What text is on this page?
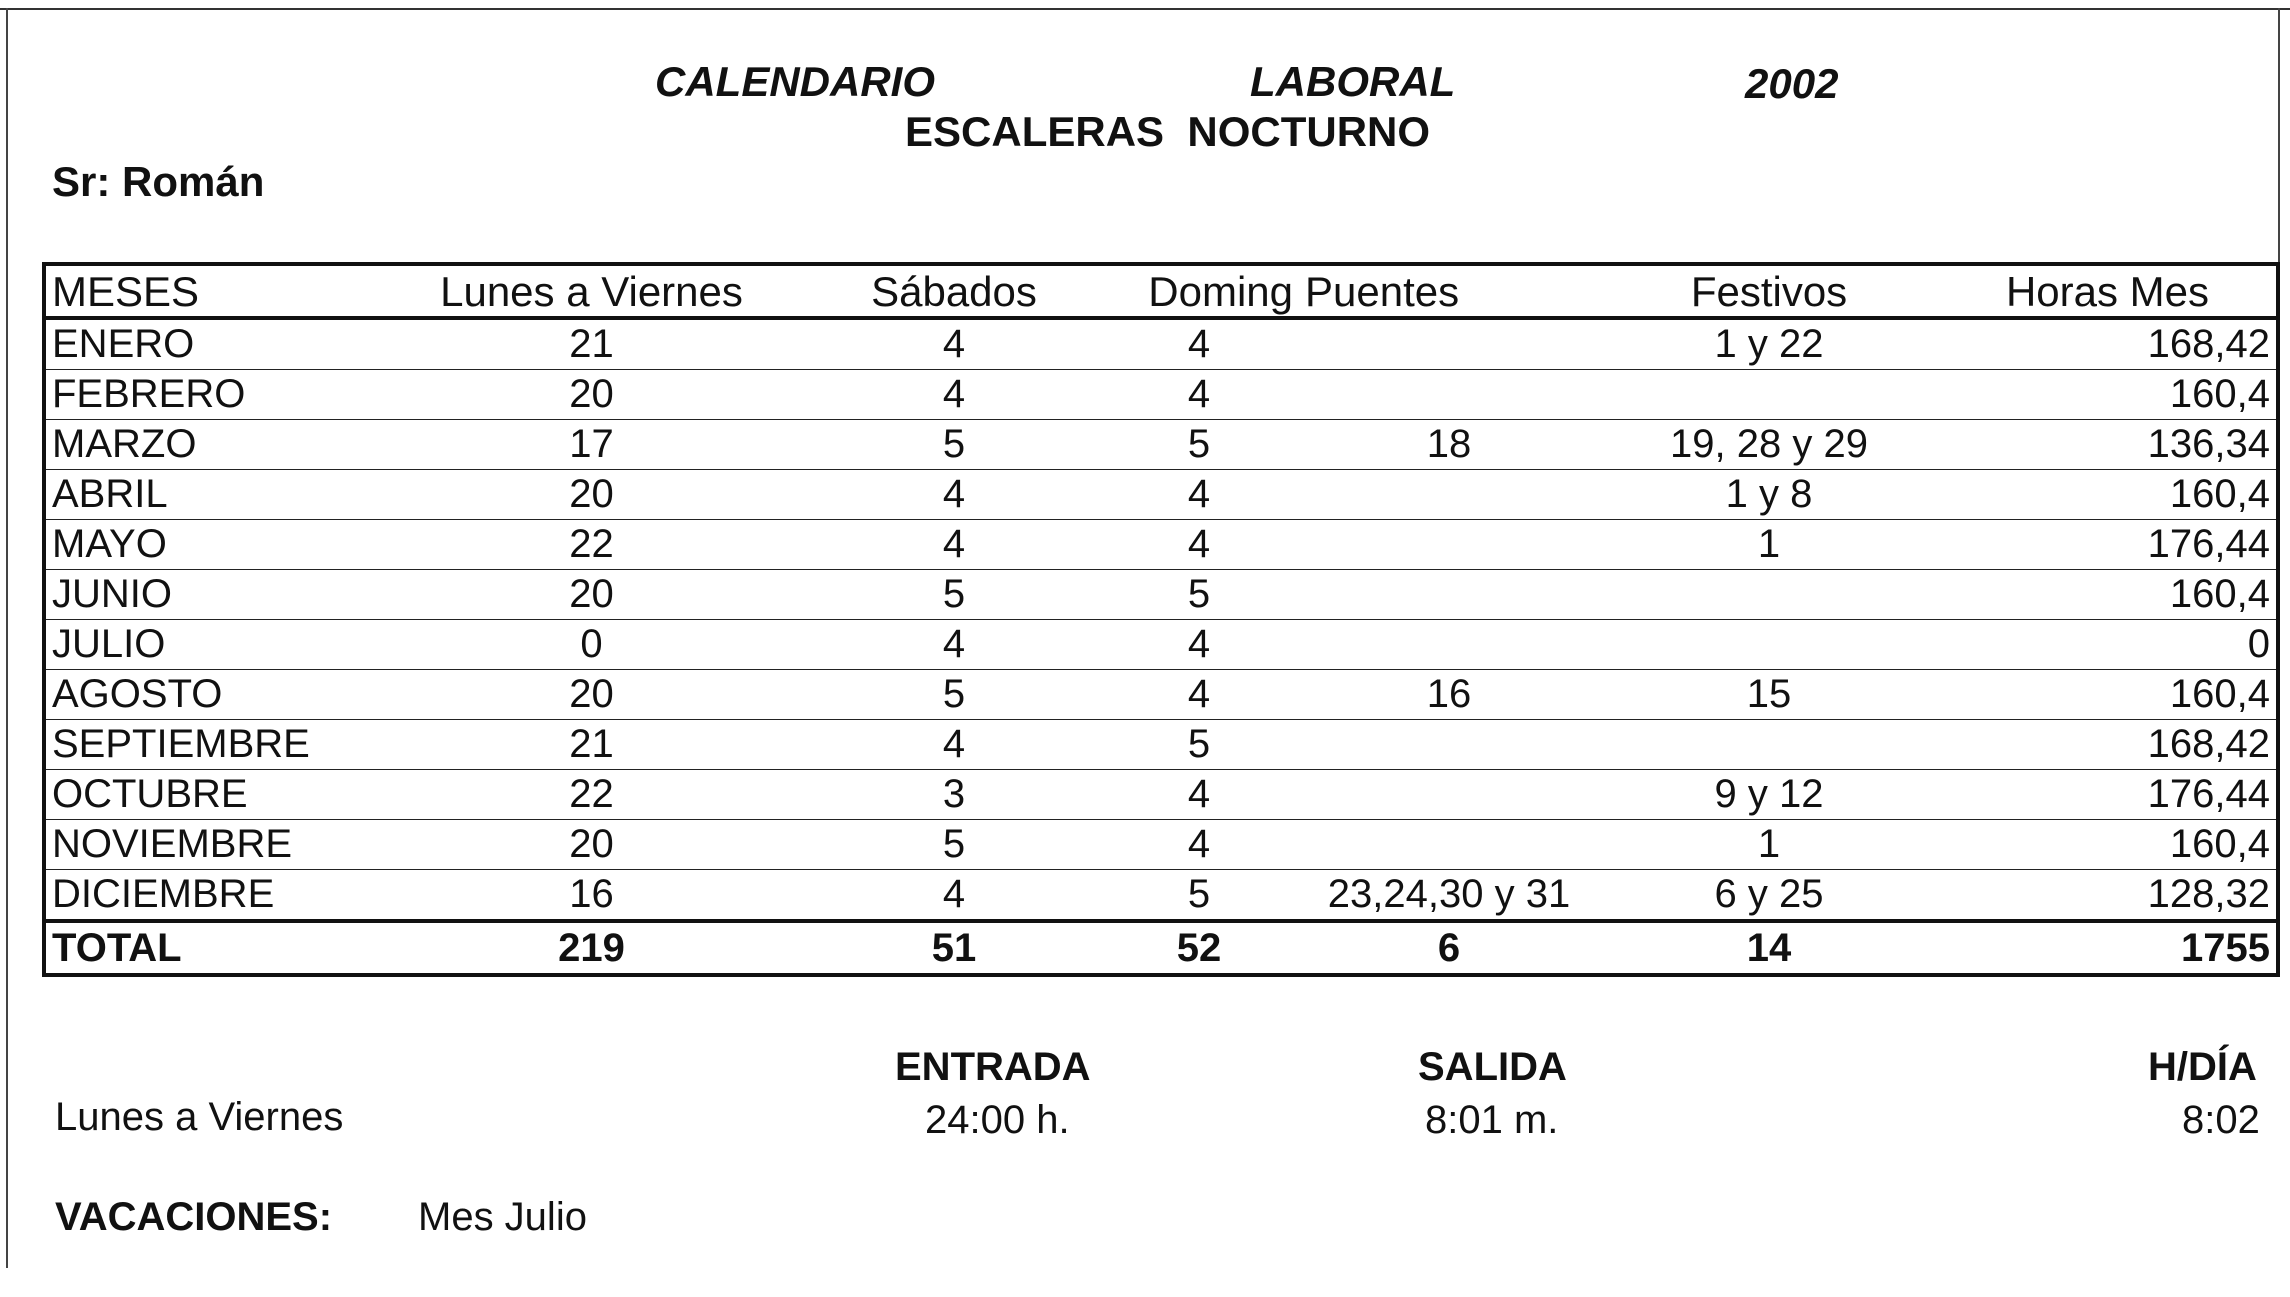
CALENDARIO	LABORAL	2002
ESCALERAS  NOCTURNO
Sr: Román
MESES	Lunes a Viernes	Sábados	Doming	Puentes	Festivos	Horas Mes
ENERO	21	4	4		1 y 22	168,42
FEBRERO	20	4	4			160,4
MARZO	17	5	5	18	19, 28 y 29	136,34
ABRIL	20	4	4		1 y 8	160,4
MAYO	22	4	4		1	176,44
JUNIO	20	5	5			160,4
JULIO	0	4	4			0
AGOSTO	20	5	4	16	15	160,4
SEPTIEMBRE	21	4	5			168,42
OCTUBRE	22	3	4		9 y 12	176,44
NOVIEMBRE	20	5	4		1	160,4
DICIEMBRE	16	4	5	23,24,30 y 31	6 y 25	128,32
TOTAL	219	51	52	6	14	1755
ENTRADA	SALIDA	H/DÍA
Lunes a Viernes	24:00 h.	8:01 m.	8:02
VACACIONES: Mes Julio
